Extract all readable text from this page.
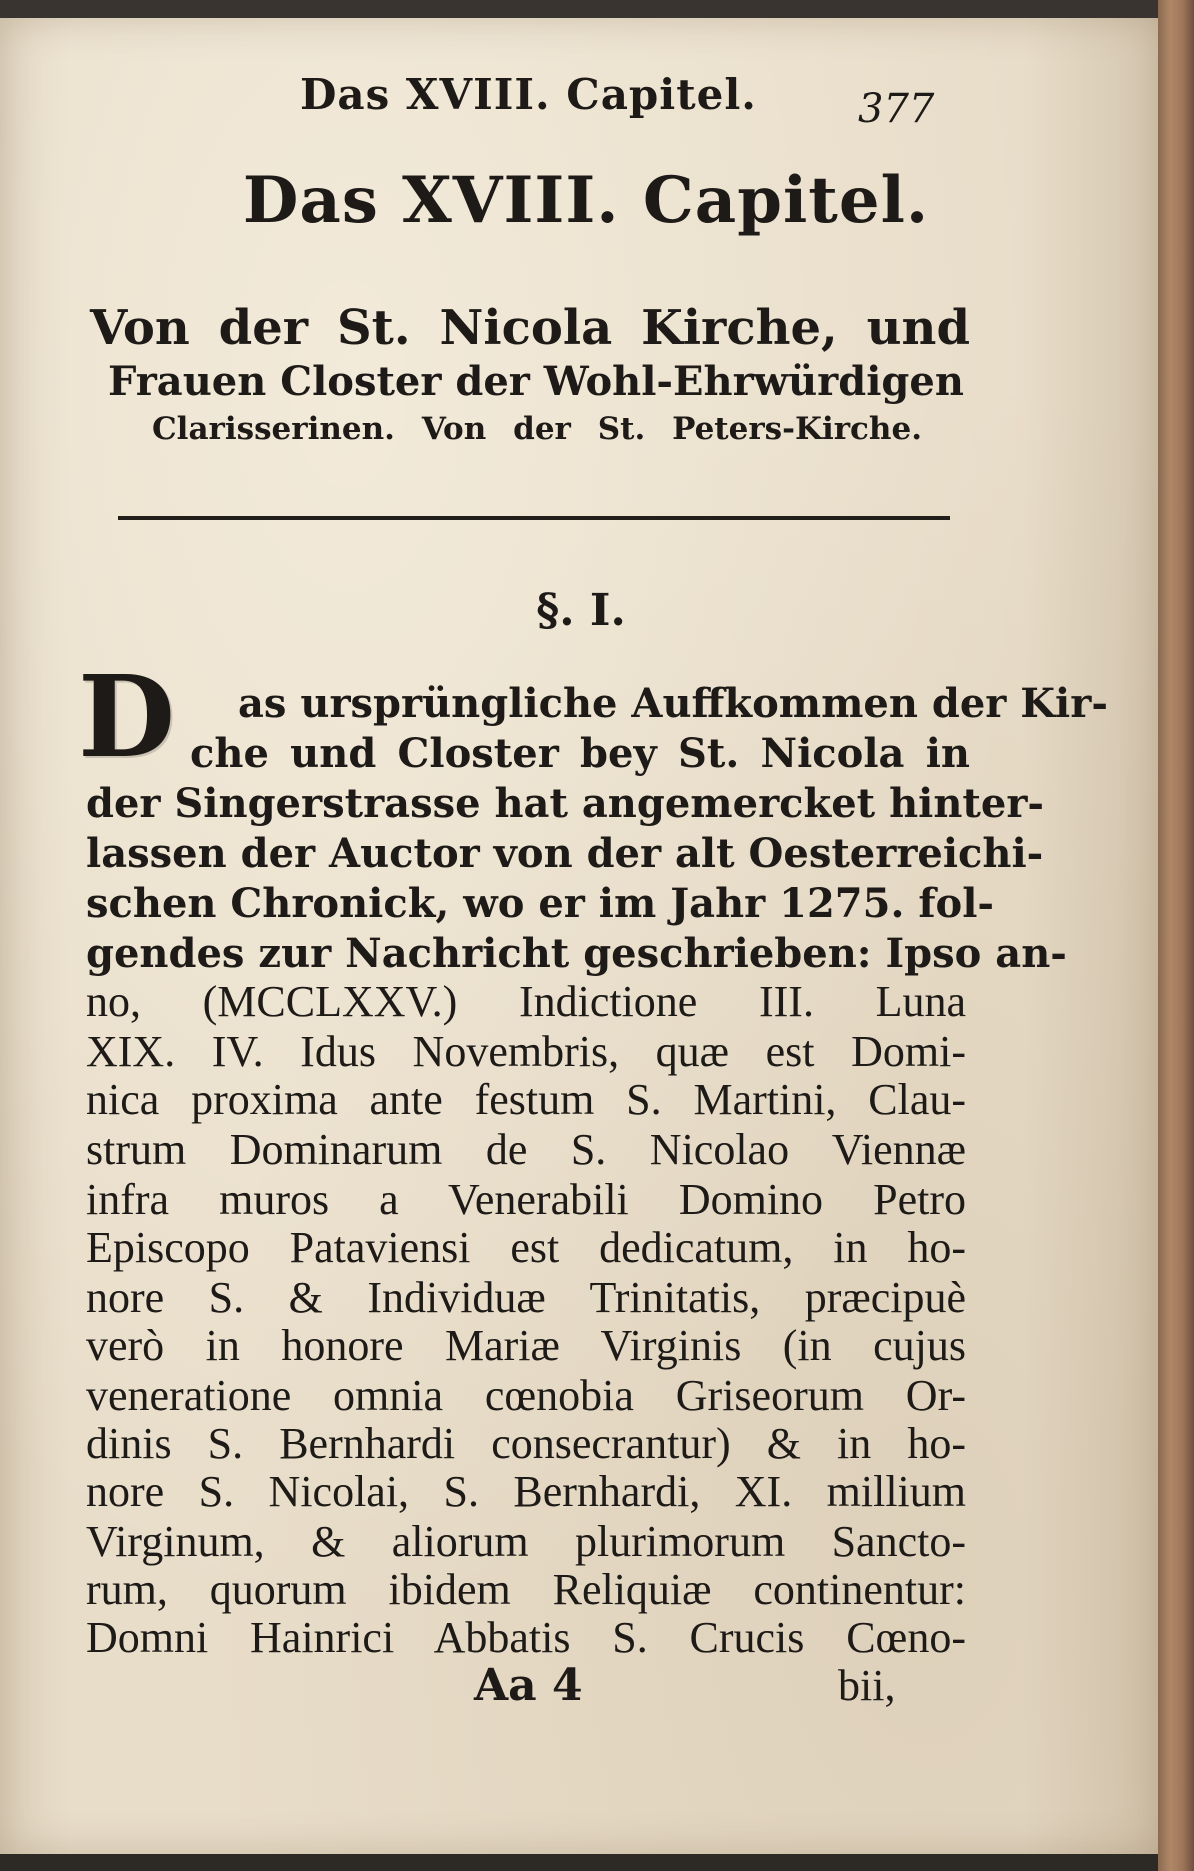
Das XVIII. Capitel.	377
Das XVIII. Capitel.
Von der St. Nicola Kirche, und
Frauen Closter der Wohl-Ehrwürdigen
Clarisserinen. Von der St. Peters-Kirche.
§. I.
D as ursprüngliche Auffkommen der Kir-
che und Closter bey St. Nicola in
der Singerstrasse hat angemercket hinter-
lassen der Auctor von der alt Oesterreichi-
schen Chronick, wo er im Jahr 1275. fol-
gendes zur Nachricht geschrieben: Ipso an-
no, (MCCLXXV.) Indictione III. Luna
XIX. IV. Idus Novembris, quæ est Domi-
nica proxima ante festum S. Martini, Clau-
strum Dominarum de S. Nicolao Viennæ
infra muros a Venerabili Domino Petro
Episcopo Pataviensi est dedicatum, in ho-
nore S. & Individuæ Trinitatis, præcipuè
verò in honore Mariæ Virginis (in cujus
veneratione omnia cœnobia Griseorum Or-
dinis S. Bernhardi consecrantur) & in ho-
nore S. Nicolai, S. Bernhardi, XI. millium
Virginum, & aliorum plurimorum Sancto-
rum, quorum ibidem Reliquiæ continentur:
Domni Hainrici Abbatis S. Crucis Cœno-
Aa 4	bii,
